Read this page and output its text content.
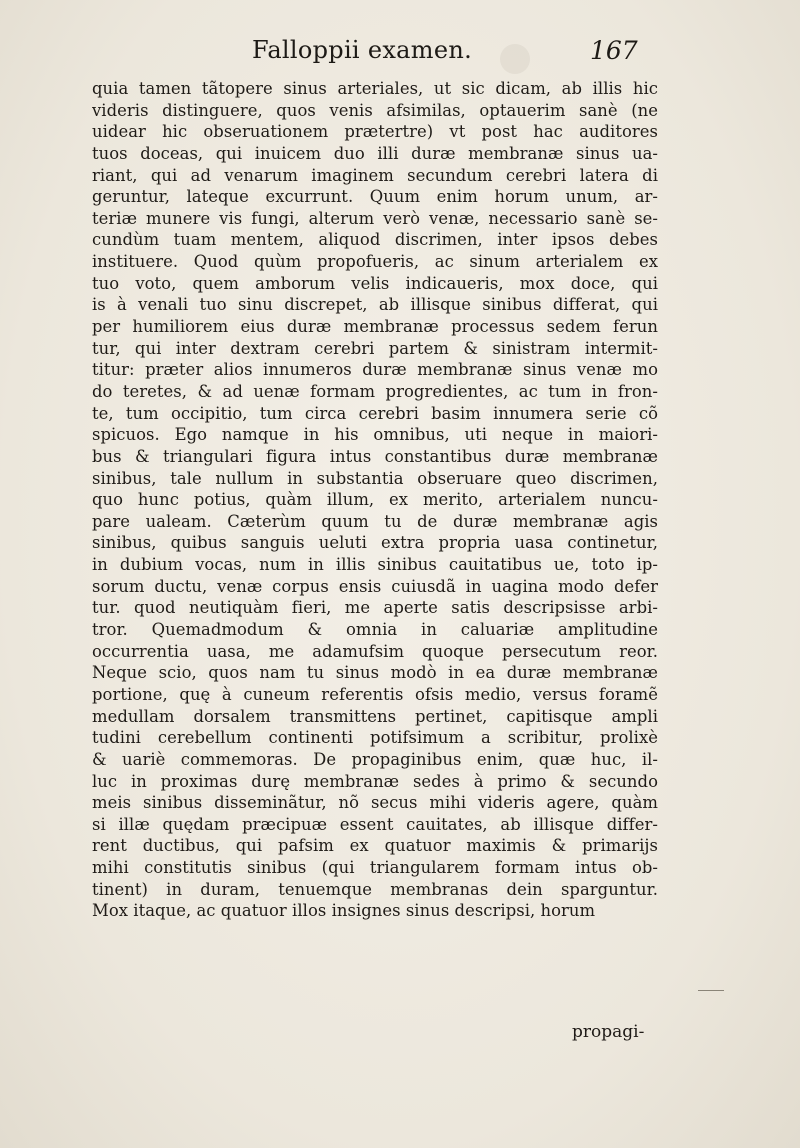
Falloppii examen.	167
quia tamen tãtopere sinus arteriales, ut sic dicam, ab illis hic
videris distinguere, quos venis afsimilas, optauerim sanè (ne
uidear hic obseruationem prætertre) vt post hac auditores
tuos doceas, qui inuicem duo illi duræ membranæ sinus ua-
riant, qui ad venarum imaginem secundum cerebri latera di
geruntur, lateque excurrunt. Quum enim horum unum, ar-
teriæ munere vis fungi, alterum verò venæ, necessario sanè se-
cundùm tuam mentem, aliquod discrimen, inter ipsos debes
instituere. Quod quùm propofueris, ac sinum arterialem ex
tuo voto, quem amborum velis indicaueris, mox doce, qui
is à venali tuo sinu discrepet, ab illisque sinibus differat, qui
per humiliorem eius duræ membranæ processus sedem ferun
tur, qui inter dextram cerebri partem & sinistram intermit-
titur: præter alios innumeros duræ membranæ sinus venæ mo
do teretes, & ad uenæ formam progredientes, ac tum in fron-
te, tum occipitio, tum circa cerebri basim innumera serie cõ
spicuos. Ego namque in his omnibus, uti neque in maiori-
bus & triangulari figura intus constantibus duræ membranæ
sinibus, tale nullum in substantia obseruare queo discrimen,
quo hunc potius, quàm illum, ex merito, arterialem nuncu-
pare ualeam. Cæterùm quum tu de duræ membranæ agis
sinibus, quibus sanguis ueluti extra propria uasa continetur,
in dubium vocas, num in illis sinibus cauitatibus ue, toto ip-
sorum ductu, venæ corpus ensis cuiusdã in uagina modo defer
tur. quod neutiquàm fieri, me aperte satis descripsisse arbi-
tror. Quemadmodum & omnia in caluariæ amplitudine
occurrentia uasa, me adamufsim quoque persecutum reor.
Neque scio, quos nam tu sinus modò in ea duræ membranæ
portione, quę à cuneum referentis ofsis medio, versus foramẽ
medullam dorsalem transmittens pertinet, capitisque ampli
tudini cerebellum continenti potifsimum a scribitur, prolixè
& uariè commemoras. De propaginibus enim, quæ huc, il-
luc in proximas durę membranæ sedes à primo & secundo
meis sinibus disseminãtur, nõ secus mihi videris agere, quàm
si illæ quędam præcipuæ essent cauitates, ab illisque differ-
rent ductibus, qui pafsim ex quatuor maximis & primarijs
mihi constitutis sinibus (qui triangularem formam intus ob-
tinent) in duram, tenuemque membranas dein sparguntur.
Mox itaque, ac quatuor illos insignes sinus descripsi, horum
propagi-
